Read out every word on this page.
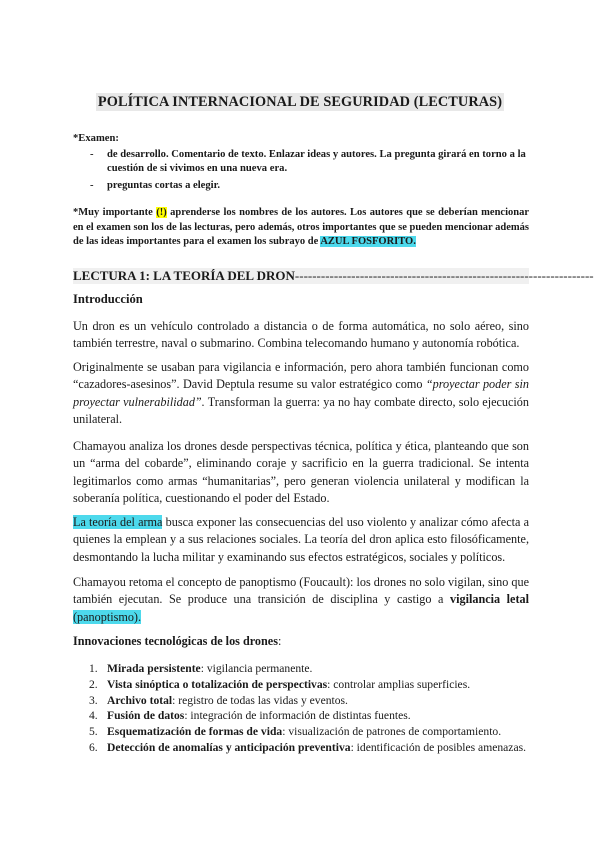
POLÍTICA INTERNACIONAL DE SEGURIDAD (LECTURAS)
*Examen:
- de desarrollo. Comentario de texto. Enlazar ideas y autores. La pregunta girará en torno a la cuestión de si vivimos en una nueva era.
- preguntas cortas a elegir.
*Muy importante (!) aprenderse los nombres de los autores. Los autores que se deberían mencionar en el examen son los de las lecturas, pero además, otros importantes que se pueden mencionar además de las ideas importantes para el examen los subrayo de AZUL FOSFORITO.
LECTURA 1: LA TEORÍA DEL DRON---------------------------------------------------------------------
Introducción
Un dron es un vehículo controlado a distancia o de forma automática, no solo aéreo, sino también terrestre, naval o submarino. Combina telecomando humano y autonomía robótica.
Originalmente se usaban para vigilancia e información, pero ahora también funcionan como “cazadores-asesinos”. David Deptula resume su valor estratégico como “proyectar poder sin proyectar vulnerabilidad”. Transforman la guerra: ya no hay combate directo, solo ejecución unilateral.
Chamayou analiza los drones desde perspectivas técnica, política y ética, planteando que son un “arma del cobarde”, eliminando coraje y sacrificio en la guerra tradicional. Se intenta legitimarlos como armas “humanitarias”, pero generan violencia unilateral y modifican la soberanía política, cuestionando el poder del Estado.
La teoría del arma busca exponer las consecuencias del uso violento y analizar cómo afecta a quienes la emplean y a sus relaciones sociales. La teoría del dron aplica esto filosóficamente, desmontando la lucha militar y examinando sus efectos estratégicos, sociales y políticos.
Chamayou retoma el concepto de panoptismo (Foucault): los drones no solo vigilan, sino que también ejecutan. Se produce una transición de disciplina y castigo a vigilancia letal (panoptismo).
Innovaciones tecnológicas de los drones:
1. Mirada persistente: vigilancia permanente.
2. Vista sinóptica o totalización de perspectivas: controlar amplias superficies.
3. Archivo total: registro de todas las vidas y eventos.
4. Fusión de datos: integración de información de distintas fuentes.
5. Esquematización de formas de vida: visualización de patrones de comportamiento.
6. Detección de anomalías y anticipación preventiva: identificación de posibles amenazas.
